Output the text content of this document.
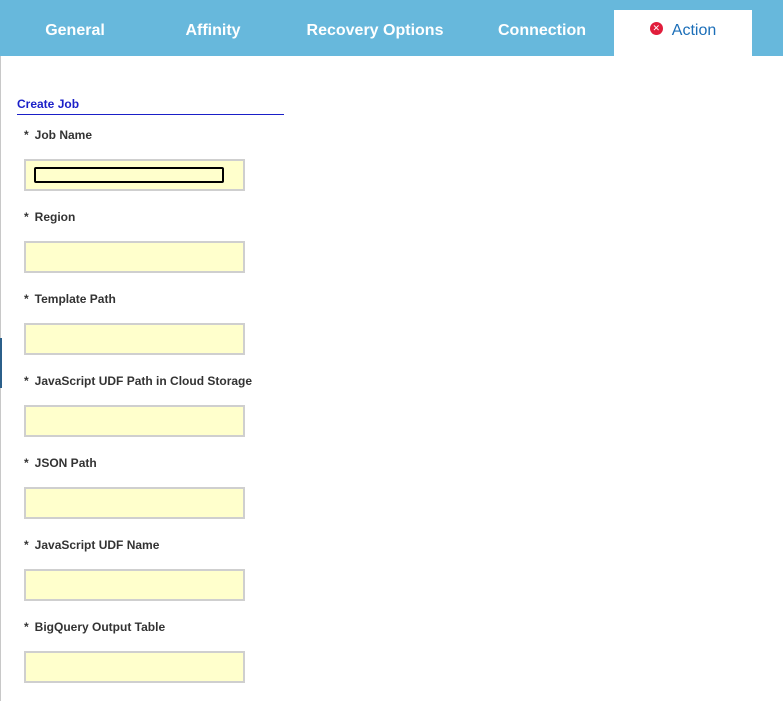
General	Affinity	Recovery Options	Connection	✕ Action
Create Job
* Job Name
* Region
* Template Path
* JavaScript UDF Path in Cloud Storage
* JSON Path
* JavaScript UDF Name
* BigQuery Output Table
